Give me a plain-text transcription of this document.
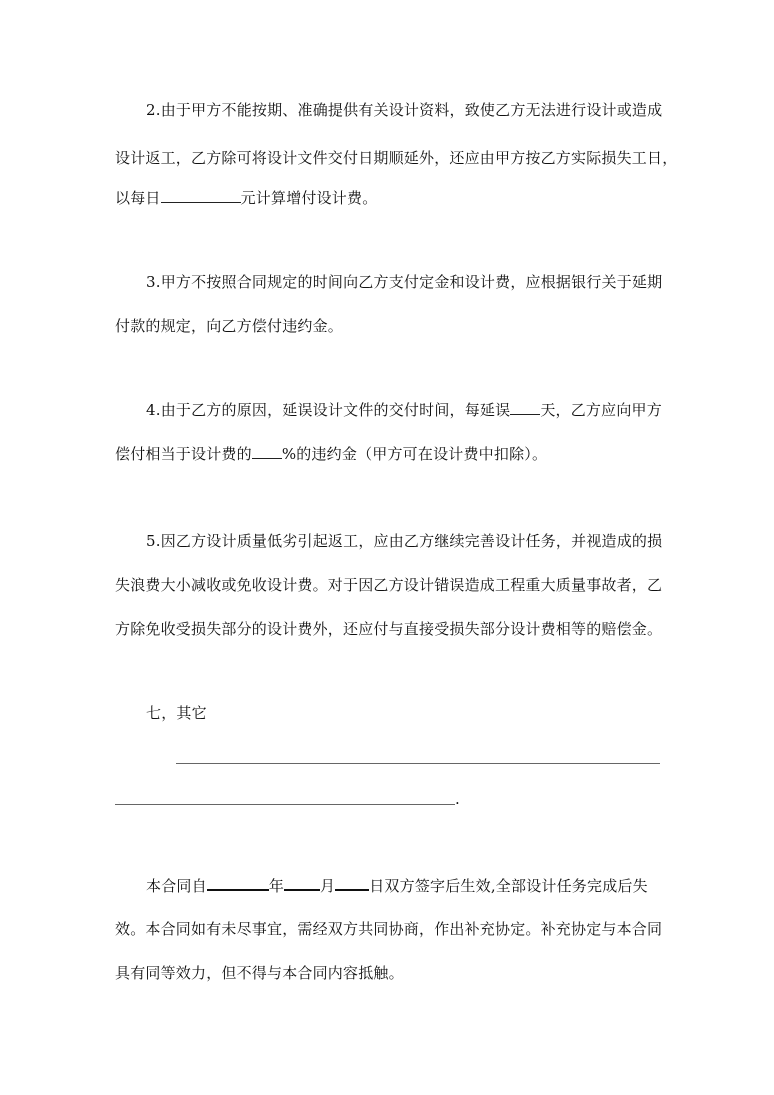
2.由于甲方不能按期、准确提供有关设计资料，致使乙方无法进行设计或造成
设计返工，乙方除可将设计文件交付日期顺延外，还应由甲方按乙方实际损失工日，
以每日	元计算增付设计费。
3.甲方不按照合同规定的时间向乙方支付定金和设计费，应根据银行关于延期
付款的规定，向乙方偿付违约金。
4.由于乙方的原因，延误设计文件的交付时间，每延误 天，乙方应向甲方
偿付相当于设计费的 %的违约金（甲方可在设计费中扣除）。
5.因乙方设计质量低劣引起返工，应由乙方继续完善设计任务，并视造成的损
失浪费大小减收或免收设计费。对于因乙方设计错误造成工程重大质量事故者，乙
方除免收受损失部分的设计费外，还应付与直接受损失部分设计费相等的赔偿金。
七，其它
.
本合同自	年 月 日双方签字后生效,全部设计任务完成后失
效。本合同如有未尽事宜，需经双方共同协商，作出补充协定。补充协定与本合同
具有同等效力，但不得与本合同内容抵触。
